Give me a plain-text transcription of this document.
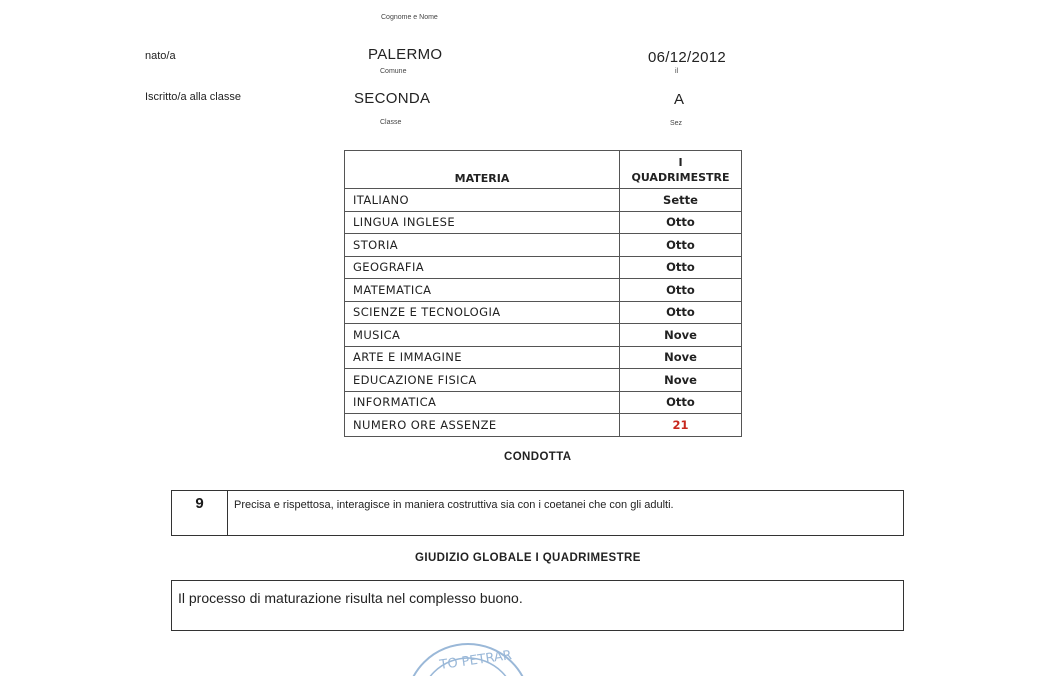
Cognome e Nome
nato/a	PALERMO
Comune
06/12/2012
il
Iscritto/a alla classe	SECONDA
Classe
A
Sez
MATERIA	I
QUADRIMESTRE

ITALIANO	Sette
LINGUA INGLESE	Otto
STORIA	Otto
GEOGRAFIA	Otto
MATEMATICA	Otto
SCIENZE E TECNOLOGIA	Otto
MUSICA	Nove
ARTE E IMMAGINE	Nove
EDUCAZIONE FISICA	Nove
INFORMATICA	Otto
NUMERO ORE ASSENZE	21
CONDOTTA
9	Precisa e rispettosa, interagisce in maniera costruttiva sia con i coetanei che con gli adulti.
GIUDIZIO GLOBALE I QUADRIMESTRE
Il processo di maturazione risulta nel complesso buono.
TO PETRAR
